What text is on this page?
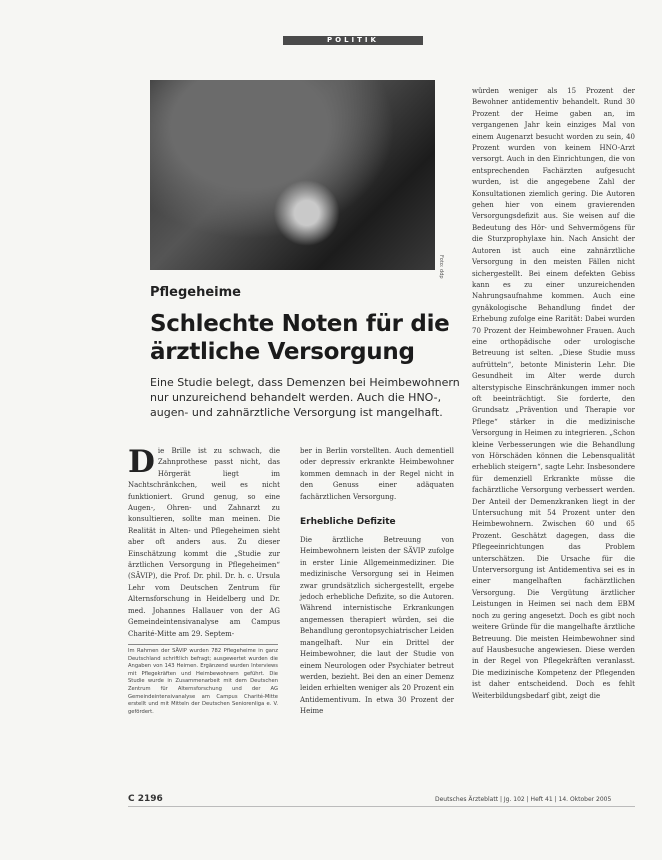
POLITIK
Foto: ddp
Pflegeheime
Schlechte Noten für die ärztliche Versorgung

Eine Studie belegt, dass Demenzen bei Heimbewohnern nur unzureichend behandelt werden. Auch die HNO-, augen- und zahnärztliche Versorgung ist mangelhaft.

Die Brille ist zu schwach, die Zahnprothese passt nicht, das Hörgerät liegt im Nachtschränkchen, weil es nicht funktioniert. Grund genug, so eine Augen-, Ohren- und Zahnarzt zu konsultieren, sollte man meinen. Die Realität in Alten- und Pflegeheimen sieht aber oft anders aus. Zu dieser Einschätzung kommt die „Studie zur ärztlichen Versorgung in Pflegeheimen“ (SÄVIP), die Prof. Dr. phil. Dr. h. c. Ursula Lehr vom Deutschen Zentrum für Alternsforschung in Heidelberg und Dr. med. Johannes Hallauer von der AG Gemeindeintensivanalyse am Campus Charité-Mitte am 29. Septem-

Im Rahmen der SÄVIP wurden 782 Pflegeheime in ganz Deutschland schriftlich befragt; ausgewertet wurden die Angaben von 143 Heimen. Ergänzend wurden Interviews mit Pflegekräften und Heimbewohnern geführt. Die Studie wurde in Zusammenarbeit mit dem Deutschen Zentrum für Alternsforschung und der AG Gemeindeintensivanalyse am Campus Charité-Mitte erstellt und mit Mitteln der Deutschen Seniorenliga e. V. gefördert.

ber in Berlin vorstellten. Auch dementiell oder depressiv erkrankte Heimbewohner kommen demnach in der Regel nicht in den Genuss einer adäquaten fachärztlichen Versorgung.

Erhebliche Defizite

Die ärztliche Betreuung von Heimbewohnern leisten der SÄVIP zufolge in erster Linie Allgemeinmediziner. Die medizinische Versorgung sei in Heimen zwar grundsätzlich sichergestellt, ergebe jedoch erhebliche Defizite, so die Autoren. Während internistische Erkrankungen angemessen therapiert würden, sei die Behandlung gerontopsychiatrischer Leiden mangelhaft. Nur ein Drittel der Heimbewohner, die laut der Studie von einem Neurologen oder Psychiater betreut werden, bezieht. Bei den an einer Demenz leiden erhielten weniger als 20 Prozent ein Antidementivum. In etwa 30 Prozent der Heime

würden weniger als 15 Prozent der Bewohner antidementiv behandelt. Rund 30 Prozent der Heime gaben an, im vergangenen Jahr kein einziges Mal von einem Augenarzt besucht worden zu sein, 40 Prozent wurden von keinem HNO-Arzt versorgt. Auch in den Einrichtungen, die von entsprechenden Fachärzten aufgesucht wurden, ist die angegebene Zahl der Konsultationen ziemlich gering. Die Autoren gehen hier von einem gravierenden Versorgungsdefizit aus. Sie weisen auf die Bedeutung des Hör- und Sehvermögens für die Sturzprophylaxe hin. Nach Ansicht der Autoren ist auch eine zahnärztliche Versorgung in den meisten Fällen nicht sichergestellt. Bei einem defekten Gebiss kann es zu einer unzureichenden Nahrungsaufnahme kommen. Auch eine gynäkologische Behandlung findet der Erhebung zufolge eine Rarität: Dabei wurden 70 Prozent der Heimbewohner Frauen. Auch eine orthopädische oder urologische Betreuung ist selten. „Diese Studie muss aufrütteln“, betonte Ministerin Lehr. Die Gesundheit im Alter werde durch alterstypische Einschränkungen immer noch oft beeinträchtigt. Sie forderte, den Grundsatz „Prävention und Therapie vor Pflege“ stärker in die medizinische Versorgung in Heimen zu integrieren. „Schon kleine Verbesserungen wie die Behandlung von Hörschäden können die Lebensqualität erheblich steigern“, sagte Lehr. Insbesondere für demenziell Erkrankte müsse die fachärztliche Versorgung verbessert werden. Der Anteil der Demenzkranken liegt in der Untersuchung mit 54 Prozent unter den Heimbewohnern. Zwischen 60 und 65 Prozent. Geschätzt dagegen, dass die Pflegeeinrichtungen das Problem unterschätzen. Die Ursache für die Unterversorgung ist Antidementiva sei es in einer mangelhaften fachärztlichen Versorgung. Die Vergütung ärztlicher Leistungen in Heimen sei nach dem EBM noch zu gering angesetzt. Doch es gibt noch weitere Gründe für die mangelhafte ärztliche Betreuung. Die meisten Heimbewohner sind auf Hausbesuche angewiesen. Diese werden in der Regel von Pflegekräften veranlasst. Die medizinische Kompetenz der Pflegenden ist daher entscheidend. Doch es fehlt Weiterbildungsbedarf gibt, zeigt die

C 2196	Deutsches Ärzteblatt | Jg. 102 | Heft 41 | 14. Oktober 2005
